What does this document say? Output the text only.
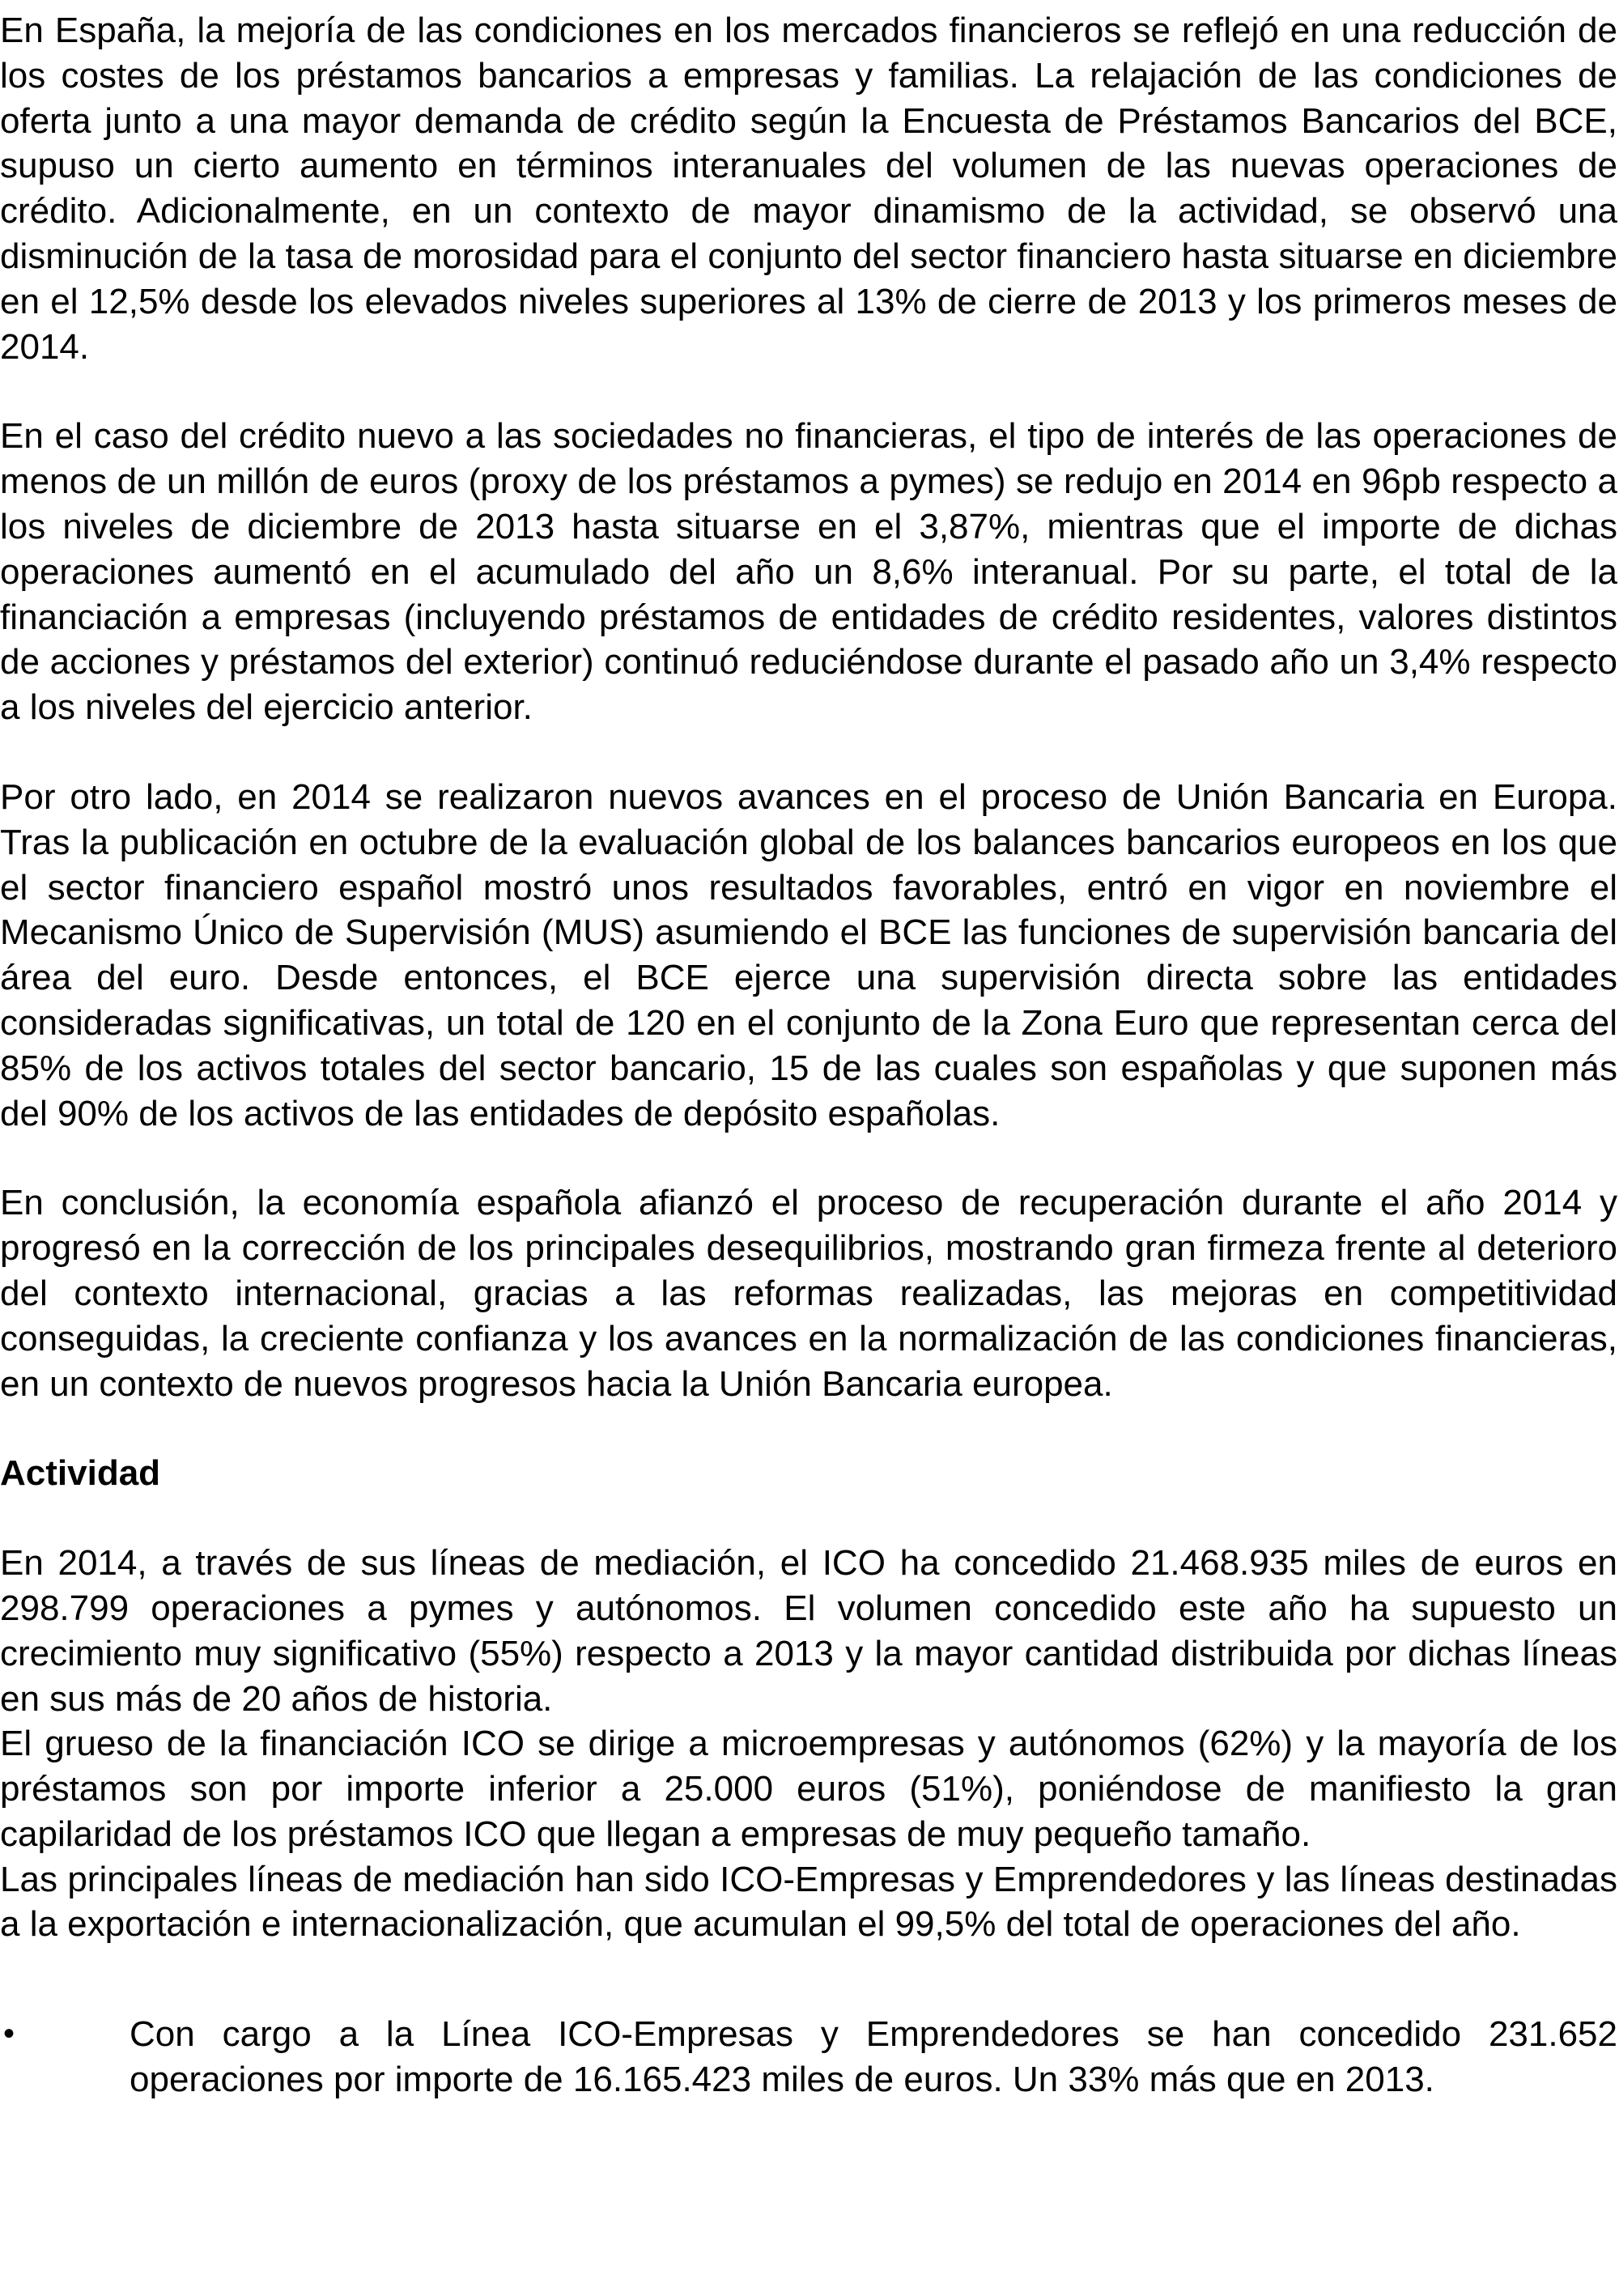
En España, la mejoría de las condiciones en los mercados financieros se reflejó en una reducción de los costes de los préstamos bancarios a empresas y familias. La relajación de las condiciones de oferta junto a una mayor demanda de crédito según la Encuesta de Préstamos Bancarios del BCE, supuso un cierto aumento en términos interanuales del volumen de las nuevas operaciones de crédito. Adicionalmente, en un contexto de mayor dinamismo de la actividad, se observó una disminución de la tasa de morosidad para el conjunto del sector financiero hasta situarse en diciembre en el 12,5% desde los elevados niveles superiores al 13% de cierre de 2013 y los primeros meses de 2014.

En el caso del crédito nuevo a las sociedades no financieras, el tipo de interés de las operaciones de menos de un millón de euros (proxy de los préstamos a pymes) se redujo en 2014 en 96pb respecto a los niveles de diciembre de 2013 hasta situarse en el 3,87%, mientras que el importe de dichas operaciones aumentó en el acumulado del año un 8,6% interanual. Por su parte, el total de la financiación a empresas (incluyendo préstamos de entidades de crédito residentes, valores distintos de acciones y préstamos del exterior) continuó reduciéndose durante el pasado año un 3,4% respecto a los niveles del ejercicio anterior.

Por otro lado, en 2014 se realizaron nuevos avances en el proceso de Unión Bancaria en Europa. Tras la publicación en octubre de la evaluación global de los balances bancarios europeos en los que el sector financiero español mostró unos resultados favorables, entró en vigor en noviembre el Mecanismo Único de Supervisión (MUS) asumiendo el BCE las funciones de supervisión bancaria del área del euro. Desde entonces, el BCE ejerce una supervisión directa sobre las entidades consideradas significativas, un total de 120 en el conjunto de la Zona Euro que representan cerca del 85% de los activos totales del sector bancario, 15 de las cuales son españolas y que suponen más del 90% de los activos de las entidades de depósito españolas.

En conclusión, la economía española afianzó el proceso de recuperación durante el año 2014 y progresó en la corrección de los principales desequilibrios, mostrando gran firmeza frente al deterioro del contexto internacional, gracias a las reformas realizadas, las mejoras en competitividad conseguidas, la creciente confianza y los avances en la normalización de las condiciones financieras, en un contexto de nuevos progresos hacia la Unión Bancaria europea.

Actividad

En 2014, a través de sus líneas de mediación, el ICO ha concedido 21.468.935 miles de euros en 298.799 operaciones a pymes y autónomos. El volumen concedido este año ha supuesto un crecimiento muy significativo (55%) respecto a 2013 y la mayor cantidad distribuida por dichas líneas en sus más de 20 años de historia.

El grueso de la financiación ICO se dirige a microempresas y autónomos (62%) y la mayoría de los préstamos son por importe inferior a 25.000 euros (51%), poniéndose de manifiesto la gran capilaridad de los préstamos ICO que llegan a empresas de muy pequeño tamaño.

Las principales líneas de mediación han sido ICO-Empresas y Emprendedores y las líneas destinadas a la exportación e internacionalización, que acumulan el 99,5% del total de operaciones del año.

•	Con cargo a la Línea ICO-Empresas y Emprendedores se han concedido 231.652 operaciones por importe de 16.165.423 miles de euros. Un 33% más que en 2013.
